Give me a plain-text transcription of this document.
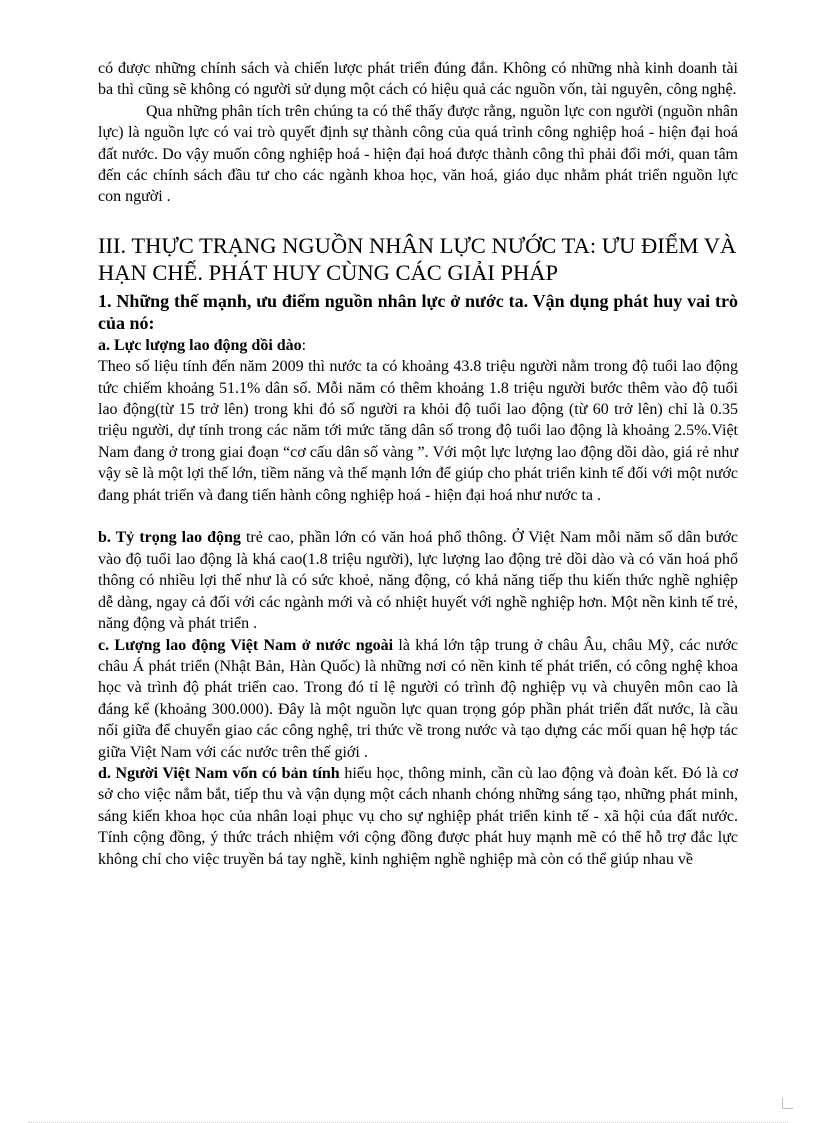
có được những chính sách và chiến lược phát triển đúng đắn. Không có những nhà kinh doanh tài ba thì cũng sẽ không có người sử dụng một cách có hiệu quả các nguồn vốn, tài nguyên, công nghệ.

Qua những phân tích trên chúng ta có thể thấy được rằng, nguồn lực con người (nguồn nhân lực) là nguồn lực có vai trò quyết định sự thành công của quá trình công nghiệp hoá - hiện đại hoá đất nước. Do vậy muốn công nghiệp hoá - hiện đại hoá được thành công thì phải đổi mới, quan tâm đến các chính sách đầu tư cho các ngành khoa học, văn hoá, giáo dục nhằm phát triển nguồn lực con người .

III. THỰC TRẠNG NGUỒN NHÂN LỰC NƯỚC TA: ƯU ĐIỂM VÀ HẠN CHẾ. PHÁT HUY CÙNG CÁC GIẢI PHÁP
1. Những thế mạnh, ưu điểm nguồn nhân lực ở nước ta. Vận dụng phát huy vai trò của nó:

a. Lực lượng lao động dồi dào:

Theo số liệu tính đến năm 2009 thì nước ta có khoảng 43.8 triệu người nằm trong độ tuổi lao động tức chiếm khoảng 51.1% dân số. Mỗi năm có thêm khoảng 1.8 triệu người bước thêm vào độ tuổi lao động(từ 15 trở lên) trong khi đó số người ra khỏi độ tuổi lao động (từ 60 trở lên) chỉ là 0.35 triệu người, dự tính trong các năm tới mức tăng dân số trong độ tuổi lao động là khoảng 2.5%.Việt Nam đang ở trong giai đoạn “cơ cấu dân số vàng ”. Với một lực lượng lao động dồi dào, giá rẻ như vậy sẽ là một lợi thế lớn, tiềm năng và thế mạnh lớn để giúp cho phát triển kinh tế đối với một nước đang phát triển và đang tiến hành công nghiệp hoá - hiện đại hoá như nước ta .

b. Tỷ trọng lao động trẻ cao, phần lớn có văn hoá phổ thông. Ở Việt Nam mỗi năm số dân bước vào độ tuổi lao động là khá cao(1.8 triệu người), lực lượng lao động trẻ dồi dào và có văn hoá phổ thông có nhiều lợi thế như là có sức khoẻ, năng động, có khả năng tiếp thu kiến thức nghề nghiệp dễ dàng, ngay cả đối với các ngành mới và có nhiệt huyết với nghề nghiệp hơn. Một nền kinh tế trẻ, năng động và phát triển .

c. Lượng lao động Việt Nam ở nước ngoài là khá lớn tập trung ở châu Âu, châu Mỹ, các nước châu Á phát triển (Nhật Bản, Hàn Quốc) là những nơi có nền kinh tế phát triển, có công nghệ khoa học và trình độ phát triển cao. Trong đó tỉ lệ người có trình độ nghiệp vụ và chuyên môn cao là đáng kể (khoảng 300.000). Đây là một nguồn lực quan trọng góp phần phát triển đất nước, là cầu nối giữa để chuyển giao các công nghệ, tri thức về trong nước và tạo dựng các mối quan hệ hợp tác giữa Việt Nam với các nước trên thế giới .

d. Người Việt Nam vốn có bản tính hiếu học, thông minh, cần cù lao động và đoàn kết. Đó là cơ sở cho việc nắm bắt, tiếp thu và vận dụng một cách nhanh chóng những sáng tạo, những phát minh, sáng kiến khoa học của nhân loại phục vụ cho sự nghiệp phát triển kinh tế - xã hội của đất nước. Tính cộng đồng, ý thức trách nhiệm với cộng đồng được phát huy mạnh mẽ có thể hỗ trợ đắc lực không chỉ cho việc truyền bá tay nghề, kinh nghiệm nghề nghiệp mà còn có thể giúp nhau về
